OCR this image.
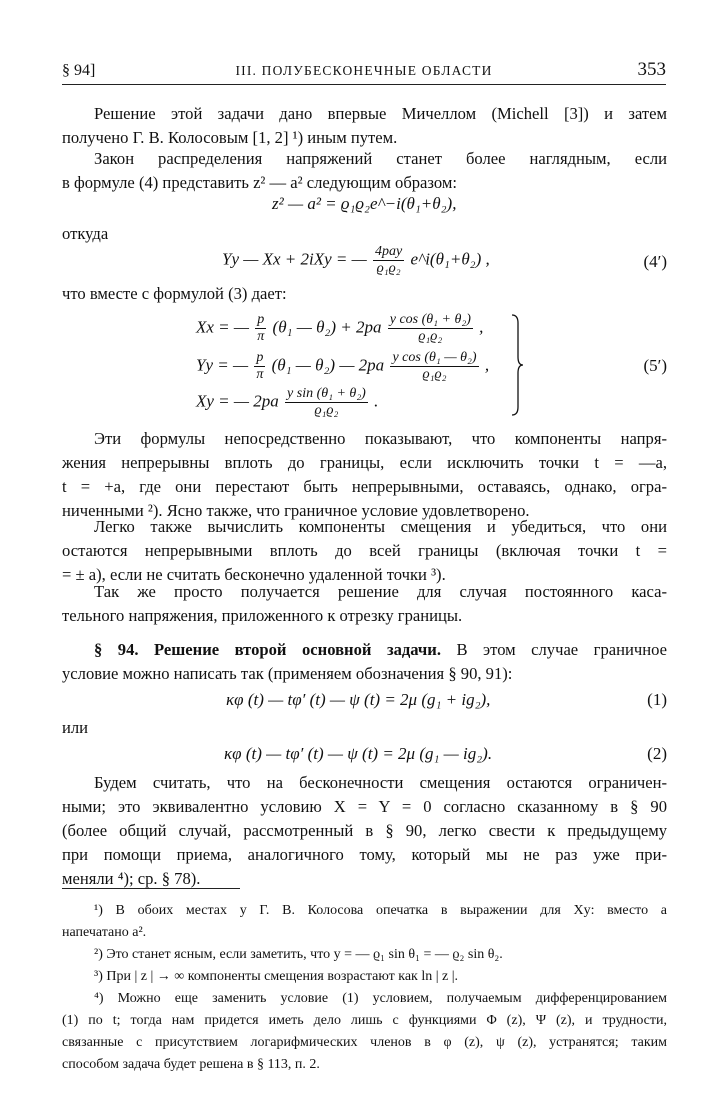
§ 94]	III. ПОЛУБЕСКОНЕЧНЫЕ ОБЛАСТИ	353
Решение этой задачи дано впервые Мичеллом (Michell [3]) и затем
получено Г. В. Колосовым [1, 2] ¹) иным путем.
Закон распределения напряжений станет более наглядным, если
в формуле (4) представить z² — a² следующим образом:
z² — a² = ϱ₁ϱ₂e^−i(θ₁+θ₂),
откуда
Yy — Xx + 2iXy = — $\frac{\text{4pay}}{\text{ϱ₁ϱ₂}}$ e^i(θ₁+θ₂) ,	(4′)
что вместе с формулой (3) дает:
Xx = — $\frac{p}{\pi} (\theta_1$ — $\theta_2) + 2pa \frac{\text{y cos (θ₁ + θ₂)}}{\text{ϱ₁ϱ₂}}$ ,
Yy = — $\frac{p}{\pi} (\theta_1$ — θ₂) — $2pa \frac{\text{y cos (θ₁ — θ₂)}}{\text{ϱ₁ϱ₂}}$ ,
Xy = — $2pa \frac{\text{y sin (θ₁ + θ₂)}}{\text{ϱ₁ϱ₂}}$ .
(5′)
Эти формулы непосредственно показывают, что компоненты напря-
жения непрерывны вплоть до границы, если исключить точки t = —a,
t = +a, где они перестают быть непрерывными, оставаясь, однако, огра-
ниченными ²). Ясно также, что граничное условие удовлетворено.
Легко также вычислить компоненты смещения и убедиться, что они
остаются непрерывными вплоть до всей границы (включая точки t =
= ± a), если не считать бесконечно удаленной точки ³).
Так же просто получается решение для случая постоянного каса-
тельного напряжения, приложенного к отрезку границы.
§ 94. Решение второй основной задачи. В этом случае граничное
условие можно написать так (применяем обозначения § 90, 91):
κφ (t) — tφ′ (t) — ψ (t) = 2μ (g₁ + ig₂),	(1)
или
κφ (t) — tφ′ (t) — ψ (t) = 2μ (g₁ — ig₂).	(2)
Будем считать, что на бесконечности смещения остаются ограничен-
ными; это эквивалентно условию X = Y = 0 согласно сказанному в § 90
(более общий случай, рассмотренный в § 90, легко свести к предыдущему
при помощи приема, аналогичного тому, который мы не раз уже при-
меняли ⁴); ср. § 78).
¹) В обоих местах у Г. В. Колосова опечатка в выражении для Xy: вместо a
напечатано a².
²) Это станет ясным, если заметить, что y = — ϱ₁ sin θ₁ = — ϱ₂ sin θ₂.
³) При | z | → ∞ компоненты смещения возрастают как ln | z |.
⁴) Можно еще заменить условие (1) условием, получаемым дифференцированием
(1) по t; тогда нам придется иметь дело лишь с функциями Φ (z), Ψ (z), и трудности,
связанные с присутствием логарифмических членов в φ (z), ψ (z), устранятся; таким
способом задача будет решена в § 113, п. 2.
